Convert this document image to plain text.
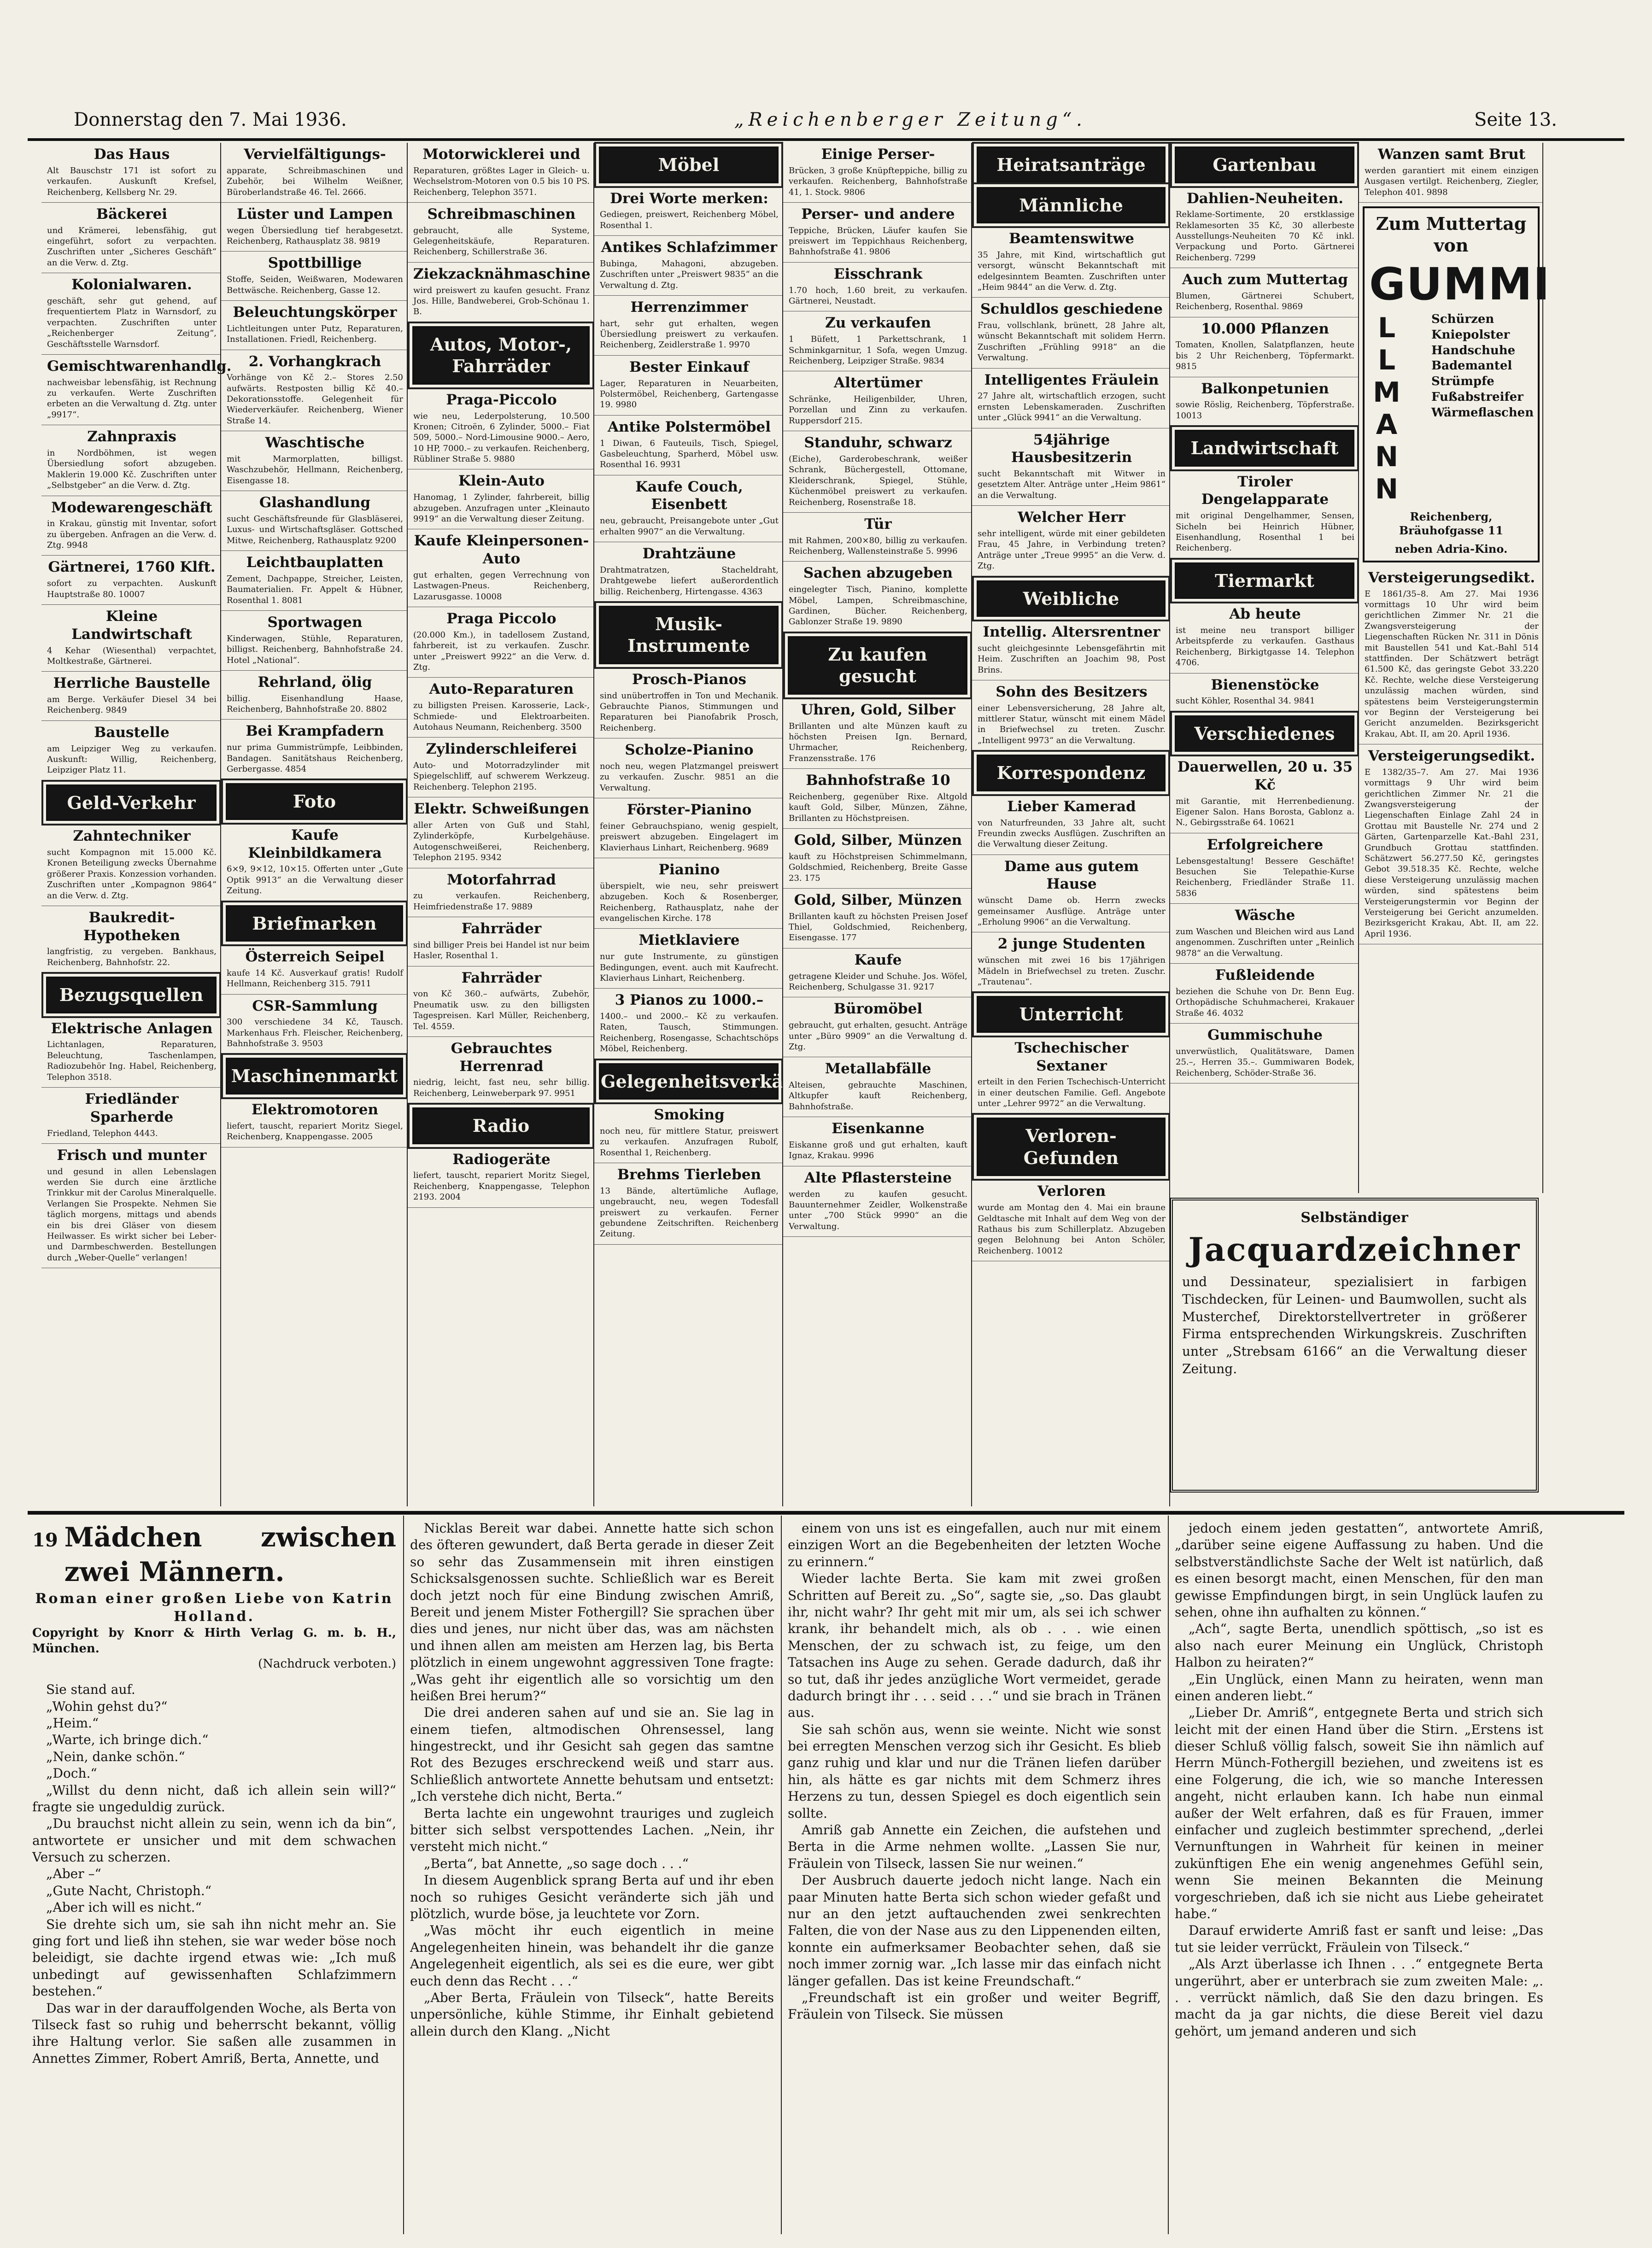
Donnerstag den 7. Mai 1936.	„Reichenberger Zeitung“.	Seite 13.
Das Haus

Alt Bauschstr 171 ist sofort zu verkaufen. Auskunft Krefsel, Reichenberg, Kellsberg Nr. 29.

Bäckerei

und Krämerei, lebensfähig, gut eingeführt, sofort zu verpachten. Zuschriften unter „Sicheres Geschäft“ an die Verw. d. Ztg.

Kolonialwaren.

geschäft, sehr gut gehend, auf frequentiertem Platz in Warnsdorf, zu verpachten. Zuschriften unter „Reichenberger Zeitung“, Geschäftsstelle Warnsdorf.

Gemischtwarenhandlg.

nachweisbar lebensfähig, ist Rechnung zu verkaufen. Werte Zuschriften erbeten an die Verwaltung d. Ztg. unter „9917“.

Zahnpraxis

in Nordböhmen, ist wegen Übersiedlung sofort abzugeben. Maklerin 19.000 Kč. Zuschriften unter „Selbstgeber“ an die Verw. d. Ztg.

Modewarengeschäft

in Krakau, günstig mit Inventar, sofort zu übergeben. Anfragen an die Verw. d. Ztg. 9948

Gärtnerei, 1760 Klft.

sofort zu verpachten. Auskunft Hauptstraße 80. 10007

Kleine Landwirtschaft

4 Kehar (Wiesenthal) verpachtet, Moltkestraße, Gärtnerei.

Herrliche Baustelle

am Berge. Verkäufer Diesel 34 bei Reichenberg. 9849

Baustelle

am Leipziger Weg zu verkaufen. Auskunft: Willig, Reichenberg, Leipziger Platz 11.

Geld-Verkehr
Zahntechniker

sucht Kompagnon mit 15.000 Kč. Kronen Beteiligung zwecks Übernahme größerer Praxis. Konzession vorhanden. Zuschriften unter „Kompagnon 9864“ an die Verw. d. Ztg.

Baukredit-Hypotheken

langfristig, zu vergeben. Bankhaus, Reichenberg, Bahnhofstr. 22.

Bezugsquellen
Elektrische Anlagen

Lichtanlagen, Reparaturen, Beleuchtung, Taschenlampen, Radiozubehör Ing. Habel, Reichenberg, Telephon 3518.

Friedländer Sparherde

Friedland, Telephon 4443.

Frisch und munter

und gesund in allen Lebenslagen werden Sie durch eine ärztliche Trinkkur mit der Carolus Mineralquelle. Verlangen Sie Prospekte. Nehmen Sie täglich morgens, mittags und abends ein bis drei Gläser von diesem Heilwasser. Es wirkt sicher bei Leber- und Darmbeschwerden. Bestellungen durch „Weber-Quelle“ verlangen!

Vervielfältigungs-

apparate, Schreibmaschinen und Zubehör, bei Wilhelm Weißner, Büroberlandstraße 46. Tel. 2666.

Lüster und Lampen

wegen Übersiedlung tief herabgesetzt. Reichenberg, Rathausplatz 38. 9819

Spottbillige

Stoffe, Seiden, Weißwaren, Modewaren Bettwäsche. Reichenberg, Gasse 12.

Beleuchtungskörper

Lichtleitungen unter Putz, Reparaturen, Installationen. Friedl, Reichenberg.

2. Vorhangkrach

Vorhänge von Kč 2.– Stores 2.50 aufwärts. Restposten billig Kč 40.– Dekorationsstoffe. Gelegenheit für Wiederverkäufer. Reichenberg, Wiener Straße 14.

Waschtische

mit Marmorplatten, billigst. Waschzubehör, Hellmann, Reichenberg, Eisengasse 18.

Glashandlung

sucht Geschäftsfreunde für Glasbläserei, Luxus- und Wirtschaftsgläser. Gottsched Mitwe, Reichenberg, Rathausplatz 9200

Leichtbauplatten

Zement, Dachpappe, Streicher, Leisten, Baumaterialien. Fr. Appelt & Hübner, Rosenthal 1. 8081

Sportwagen

Kinderwagen, Stühle, Reparaturen, billigst. Reichenberg, Bahnhofstraße 24. Hotel „National“.

Rehrland, ölig

billig. Eisenhandlung Haase, Reichenberg, Bahnhofstraße 20. 8802

Bei Krampfadern

nur prima Gummistrümpfe, Leibbinden, Bandagen. Sanitätshaus Reichenberg, Gerbergasse. 4854

Foto
Kaufe Kleinbildkamera

6×9, 9×12, 10×15. Offerten unter „Gute Optik 9913“ an die Verwaltung dieser Zeitung.

Briefmarken
Österreich Seipel

kaufe 14 Kč. Ausverkauf gratis! Rudolf Hellmann, Reichenberg 315. 7911

CSR-Sammlung

300 verschiedene 34 Kč, Tausch. Markenhaus Frh. Fleischer, Reichenberg, Bahnhofstraße 3. 9503

Maschinenmarkt
Elektromotoren

liefert, tauscht, repariert Moritz Siegel, Reichenberg, Knappengasse. 2005

Motorwicklerei und

Reparaturen, größtes Lager in Gleich- u. Wechselstrom-Motoren von 0.5 bis 10 PS. Reichenberg, Telephon 3571.

Schreibmaschinen

gebraucht, alle Systeme, Gelegenheitskäufe, Reparaturen. Reichenberg, Schillerstraße 36.

Ziekzacknähmaschine

wird preiswert zu kaufen gesucht. Franz Jos. Hille, Bandweberei, Grob-Schönau 1. B.

Autos, Motor-, Fahrräder
Praga-Piccolo

wie neu, Lederpolsterung, 10.500 Kronen; Citroën, 6 Zylinder, 5000.– Fiat 509, 5000.– Nord-Limousine 9000.– Aero, 10 HP, 7000.– zu verkaufen. Reichenberg, Rübliner Straße 5. 9880

Klein-Auto

Hanomag, 1 Zylinder, fahrbereit, billig abzugeben. Anzufragen unter „Kleinauto 9919“ an die Verwaltung dieser Zeitung.

Kaufe Kleinpersonen-Auto

gut erhalten, gegen Verrechnung von Lastwagen-Pneus. Reichenberg, Lazarusgasse. 10008

Praga Piccolo

(20.000 Km.), in tadellosem Zustand, fahrbereit, ist zu verkaufen. Zuschr. unter „Preiswert 9922“ an die Verw. d. Ztg.

Auto-Reparaturen

zu billigsten Preisen. Karosserie, Lack-, Schmiede- und Elektroarbeiten. Autohaus Neumann, Reichenberg. 3500

Zylinderschleiferei

Auto- und Motorradzylinder mit Spiegelschliff, auf schwerem Werkzeug. Reichenberg. Telephon 2195.

Elektr. Schweißungen

aller Arten von Guß und Stahl, Zylinderköpfe, Kurbelgehäuse. Autogenschweißerei, Reichenberg, Telephon 2195. 9342

Motorfahrrad

zu verkaufen. Reichenberg, Heimfriedenstraße 17. 9889

Fahrräder

sind billiger Preis bei Handel ist nur beim Hasler, Rosenthal 1.

Fahrräder

von Kč 360.– aufwärts, Zubehör, Pneumatik usw. zu den billigsten Tagespreisen. Karl Müller, Reichenberg, Tel. 4559.

Gebrauchtes Herrenrad

niedrig, leicht, fast neu, sehr billig. Reichenberg, Leinweberpark 97. 9951

Radio
Radiogeräte

liefert, tauscht, repariert Moritz Siegel, Reichenberg, Knappengasse, Telephon 2193. 2004

Möbel
Drei Worte merken:

Gediegen, preiswert, Reichenberg Möbel, Rosenthal 1.

Antikes Schlafzimmer

Bubinga, Mahagoni, abzugeben. Zuschriften unter „Preiswert 9835“ an die Verwaltung d. Ztg.

Herrenzimmer

hart, sehr gut erhalten, wegen Übersiedlung preiswert zu verkaufen. Reichenberg, Zeidlerstraße 1. 9970

Bester Einkauf

Lager, Reparaturen in Neuarbeiten, Polstermöbel, Reichenberg, Gartengasse 19. 9980

Antike Polstermöbel

1 Diwan, 6 Fauteuils, Tisch, Spiegel, Gasbeleuchtung, Sparherd, Möbel usw. Rosenthal 16. 9931

Kaufe Couch, Eisenbett

neu, gebraucht, Preisangebote unter „Gut erhalten 9907“ an die Verwaltung.

Drahtzäune

Drahtmatratzen, Stacheldraht, Drahtgewebe liefert außerordentlich billig. Reichenberg, Hirtengasse. 4363

Musik-Instrumente
Prosch-Pianos

sind unübertroffen in Ton und Mechanik. Gebrauchte Pianos, Stimmungen und Reparaturen bei Pianofabrik Prosch, Reichenberg.

Scholze-Pianino

noch neu, wegen Platzmangel preiswert zu verkaufen. Zuschr. 9851 an die Verwaltung.

Förster-Pianino

feiner Gebrauchspiano, wenig gespielt, preiswert abzugeben. Eingelagert im Klavierhaus Linhart, Reichenberg. 9689

Pianino

überspielt, wie neu, sehr preiswert abzugeben. Koch & Rosenberger, Reichenberg, Rathausplatz, nahe der evangelischen Kirche. 178

Mietklaviere

nur gute Instrumente, zu günstigen Bedingungen, event. auch mit Kaufrecht. Klavierhaus Linhart, Reichenberg.

3 Pianos zu 1000.–

1400.– und 2000.– Kč zu verkaufen. Raten, Tausch, Stimmungen. Reichenberg, Rosengasse, Schachtschöps Möbel, Reichenberg.

Gelegenheitsverkäufe
Smoking

noch neu, für mittlere Statur, preiswert zu verkaufen. Anzufragen Rubolf, Rosenthal 1, Reichenberg.

Brehms Tierleben

13 Bände, altertümliche Auflage, ungebraucht, neu, wegen Todesfall preiswert zu verkaufen. Ferner gebundene Zeitschriften. Reichenberg Zeitung.

Einige Perser-

Brücken, 3 große Knüpfteppiche, billig zu verkaufen. Reichenberg, Bahnhofstraße 41, 1. Stock. 9806

Perser- und andere

Teppiche, Brücken, Läufer kaufen Sie preiswert im Teppichhaus Reichenberg, Bahnhofstraße 41. 9806

Eisschrank

1.70 hoch, 1.60 breit, zu verkaufen. Gärtnerei, Neustadt.

Zu verkaufen

1 Büfett, 1 Parkettschrank, 1 Schminkgarnitur, 1 Sofa, wegen Umzug. Reichenberg, Leipziger Straße. 9834

Altertümer

Schränke, Heiligenbilder, Uhren, Porzellan und Zinn zu verkaufen. Ruppersdorf 215.

Standuhr, schwarz

(Eiche), Garderobeschrank, weißer Schrank, Büchergestell, Ottomane, Kleiderschrank, Spiegel, Stühle, Küchenmöbel preiswert zu verkaufen. Reichenberg, Rosenstraße 18.

Tür

mit Rahmen, 200×80, billig zu verkaufen. Reichenberg, Wallensteinstraße 5. 9996

Sachen abzugeben

eingelegter Tisch, Pianino, komplette Möbel, Lampen, Schreibmaschine, Gardinen, Bücher. Reichenberg, Gablonzer Straße 19. 9890

Zu kaufen gesucht
Uhren, Gold, Silber

Brillanten und alte Münzen kauft zu höchsten Preisen Ign. Bernard, Uhrmacher, Reichenberg, Franzensstraße. 176

Bahnhofstraße 10

Reichenberg, gegenüber Rixe. Altgold kauft Gold, Silber, Münzen, Zähne, Brillanten zu Höchstpreisen.

Gold, Silber, Münzen

kauft zu Höchstpreisen Schimmelmann, Goldschmied, Reichenberg, Breite Gasse 23. 175

Gold, Silber, Münzen

Brillanten kauft zu höchsten Preisen Josef Thiel, Goldschmied, Reichenberg, Eisengasse. 177

Kaufe

getragene Kleider und Schuhe. Jos. Wöfel, Reichenberg, Schulgasse 31. 9217

Büromöbel

gebraucht, gut erhalten, gesucht. Anträge unter „Büro 9909“ an die Verwaltung d. Ztg.

Metallabfälle

Alteisen, gebrauchte Maschinen, Altkupfer kauft Reichenberg, Bahnhofstraße.

Eisenkanne

Eiskanne groß und gut erhalten, kauft Ignaz, Krakau. 9996

Alte Pflastersteine

werden zu kaufen gesucht. Bauunternehmer Zeidler, Wolkenstraße unter „700 Stück 9990“ an die Verwaltung.

Heiratsanträge
Männliche
Beamtenswitwe

35 Jahre, mit Kind, wirtschaftlich gut versorgt, wünscht Bekanntschaft mit edelgesinntem Beamten. Zuschriften unter „Heim 9844“ an die Verw. d. Ztg.

Schuldlos geschiedene

Frau, vollschlank, brünett, 28 Jahre alt, wünscht Bekanntschaft mit solidem Herrn. Zuschriften „Frühling 9918“ an die Verwaltung.

Intelligentes Fräulein

27 Jahre alt, wirtschaftlich erzogen, sucht ernsten Lebenskameraden. Zuschriften unter „Glück 9941“ an die Verwaltung.

54jährige Hausbesitzerin

sucht Bekanntschaft mit Witwer in gesetztem Alter. Anträge unter „Heim 9861“ an die Verwaltung.

Welcher Herr

sehr intelligent, würde mit einer gebildeten Frau, 45 Jahre, in Verbindung treten? Anträge unter „Treue 9995“ an die Verw. d. Ztg.

Weibliche
Intellig. Altersrentner

sucht gleichgesinnte Lebensgefährtin mit Heim. Zuschriften an Joachim 98, Post Brins.

Sohn des Besitzers

einer Lebensversicherung, 28 Jahre alt, mittlerer Statur, wünscht mit einem Mädel in Briefwechsel zu treten. Zuschr. „Intelligent 9973“ an die Verwaltung.

Korrespondenz
Lieber Kamerad

von Naturfreunden, 33 Jahre alt, sucht Freundin zwecks Ausflügen. Zuschriften an die Verwaltung dieser Zeitung.

Dame aus gutem Hause

wünscht Dame ob. Herrn zwecks gemeinsamer Ausflüge. Anträge unter „Erholung 9906“ an die Verwaltung.

2 junge Studenten

wünschen mit zwei 16 bis 17jährigen Mädeln in Briefwechsel zu treten. Zuschr. „Trautenau“.

Unterricht
Tschechischer Sextaner

erteilt in den Ferien Tschechisch-Unterricht in einer deutschen Familie. Gefl. Angebote unter „Lehrer 9972“ an die Verwaltung.

Verloren-Gefunden
Verloren

wurde am Montag den 4. Mai ein braune Geldtasche mit Inhalt auf dem Weg von der Rathaus bis zum Schillerplatz. Abzugeben gegen Belohnung bei Anton Schöler, Reichenberg. 10012

Gartenbau
Dahlien-Neuheiten.

Reklame-Sortimente, 20 erstklassige Reklamesorten 35 Kč, 30 allerbeste Ausstellungs-Neuheiten 70 Kč inkl. Verpackung und Porto. Gärtnerei Reichenberg. 7299

Auch zum Muttertag

Blumen, Gärtnerei Schubert, Reichenberg, Rosenthal. 9869

10.000 Pflanzen

Tomaten, Knollen, Salatpflanzen, heute bis 2 Uhr Reichenberg, Töpfermarkt. 9815

Balkonpetunien

sowie Röslig, Reichenberg, Töpferstraße. 10013

Landwirtschaft
Tiroler Dengelapparate

mit original Dengelhammer, Sensen, Sicheln bei Heinrich Hübner, Eisenhandlung, Rosenthal 1 bei Reichenberg.

Tiermarkt
Ab heute

ist meine neu transport billiger Arbeitspferde zu verkaufen. Gasthaus Reichenberg, Birkigtgasse 14. Telephon 4706.

Bienenstöcke

sucht Köhler, Rosenthal 34. 9841

Verschiedenes
Dauerwellen, 20 u. 35 Kč

mit Garantie, mit Herrenbedienung. Eigener Salon. Hans Borosta, Gablonz a. N., Gebirgsstraße 64. 10621

Erfolgreichere

Lebensgestaltung! Bessere Geschäfte! Besuchen Sie Telepathie-Kurse Reichenberg, Friedländer Straße 11. 5836

Wäsche

zum Waschen und Bleichen wird aus Land angenommen. Zuschriften unter „Reinlich 9878“ an die Verwaltung.

Fußleidende

beziehen die Schuhe von Dr. Benn Eug. Orthopädische Schuhmacherei, Krakauer Straße 46. 4032

Gummischuhe

unverwüstlich, Qualitätsware, Damen 25.–, Herren 35.–. Gummiwaren Bodek, Reichenberg, Schöder-Straße 36.

Wanzen samt Brut

werden garantiert mit einem einzigen Ausgasen vertilgt. Reichenberg, Ziegler, Telephon 401. 9898

Zum Muttertag
von
GUMMI
LLMANN Schürzen
Kniepolster
Handschuhe
Bademantel
Strümpfe
Fußabstreifer
Wärmeflaschen
Reichenberg, Bräuhofgasse 11
neben Adria-Kino.
Versteigerungsedikt.

E 1861/35–8. Am 27. Mai 1936 vormittags 10 Uhr wird beim gerichtlichen Zimmer Nr. 21 die Zwangsversteigerung der Liegenschaften Rücken Nr. 311 in Dönis mit Baustellen 541 und Kat.-Bahl 514 stattfinden. Der Schätzwert beträgt 61.500 Kč, das geringste Gebot 33.220 Kč. Rechte, welche diese Versteigerung unzulässig machen würden, sind spätestens beim Versteigerungstermin vor Beginn der Versteigerung bei Gericht anzumelden. Bezirksgericht Krakau, Abt. II, am 20. April 1936.

Versteigerungsedikt.

E 1382/35–7. Am 27. Mai 1936 vormittags 9 Uhr wird beim gerichtlichen Zimmer Nr. 21 die Zwangsversteigerung der Liegenschaften Einlage Zahl 24 in Grottau mit Baustelle Nr. 274 und 2 Gärten, Gartenparzelle Kat.-Bahl 231, Grundbuch Grottau stattfinden. Schätzwert 56.277.50 Kč, geringstes Gebot 39.518.35 Kč. Rechte, welche diese Versteigerung unzulässig machen würden, sind spätestens beim Versteigerungstermin vor Beginn der Versteigerung bei Gericht anzumelden. Bezirksgericht Krakau, Abt. II, am 22. April 1936.

Selbständiger
Jacquardzeichner
und Dessinateur, spezialisiert in farbigen Tischdecken, für Leinen- und Baumwollen, sucht als Musterchef, Direktorstellvertreter in größerer Firma entsprechenden Wirkungskreis. Zuschriften unter „Strebsam 6166“ an die Verwaltung dieser Zeitung.
19 Mädchen zwischen zwei Männern.
Roman einer großen Liebe von Katrin Holland.
Copyright by Knorr & Hirth Verlag G. m. b. H., München.
(Nachdruck verboten.)

Sie stand auf.

„Wohin gehst du?“

„Heim.“

„Warte, ich bringe dich.“

„Nein, danke schön.“

„Doch.“

„Willst du denn nicht, daß ich allein sein will?“ fragte sie ungeduldig zurück.

„Du brauchst nicht allein zu sein, wenn ich da bin“, antwortete er unsicher und mit dem schwachen Versuch zu scherzen.

„Aber –“

„Gute Nacht, Christoph.“

„Aber ich will es nicht.“

Sie drehte sich um, sie sah ihn nicht mehr an. Sie ging fort und ließ ihn stehen, sie war weder böse noch beleidigt, sie dachte irgend etwas wie: „Ich muß unbedingt auf gewissenhaften Schlafzimmern bestehen.“

Das war in der darauffolgenden Woche, als Berta von Tilseck fast so ruhig und beherrscht bekannt, völlig ihre Haltung verlor. Sie saßen alle zusammen in Annettes Zimmer, Robert Amriß, Berta, Annette, und

Nicklas Bereit war dabei. Annette hatte sich schon des öfteren gewundert, daß Berta gerade in dieser Zeit so sehr das Zusammensein mit ihren einstigen Schicksalsgenossen suchte. Schließlich war es Bereit doch jetzt noch für eine Bindung zwischen Amriß, Bereit und jenem Mister Fothergill? Sie sprachen über dies und jenes, nur nicht über das, was am nächsten und ihnen allen am meisten am Herzen lag, bis Berta plötzlich in einem ungewohnt aggressiven Tone fragte: „Was geht ihr eigentlich alle so vorsichtig um den heißen Brei herum?“

Die drei anderen sahen auf und sie an. Sie lag in einem tiefen, altmodischen Ohrensessel, lang hingestreckt, und ihr Gesicht sah gegen das samtne Rot des Bezuges erschreckend weiß und starr aus. Schließlich antwortete Annette behutsam und entsetzt: „Ich verstehe dich nicht, Berta.“

Berta lachte ein ungewohnt trauriges und zugleich bitter sich selbst verspottendes Lachen. „Nein, ihr versteht mich nicht.“

„Berta“, bat Annette, „so sage doch . . .“

In diesem Augenblick sprang Berta auf und ihr eben noch so ruhiges Gesicht veränderte sich jäh und plötzlich, wurde böse, ja leuchtete vor Zorn.

„Was möcht ihr euch eigentlich in meine Angelegenheiten hinein, was behandelt ihr die ganze Angelegenheit eigentlich, als sei es die eure, wer gibt euch denn das Recht . . .“

„Aber Berta, Fräulein von Tilseck“, hatte Bereits unpersönliche, kühle Stimme, ihr Einhalt gebietend allein durch den Klang. „Nicht

einem von uns ist es eingefallen, auch nur mit einem einzigen Wort an die Begebenheiten der letzten Woche zu erinnern.“

Wieder lachte Berta. Sie kam mit zwei großen Schritten auf Bereit zu. „So“, sagte sie, „so. Das glaubt ihr, nicht wahr? Ihr geht mit mir um, als sei ich schwer krank, ihr behandelt mich, als ob . . . wie einen Menschen, der zu schwach ist, zu feige, um den Tatsachen ins Auge zu sehen. Gerade dadurch, daß ihr so tut, daß ihr jedes anzügliche Wort vermeidet, gerade dadurch bringt ihr . . . seid . . .“ und sie brach in Tränen aus.

Sie sah schön aus, wenn sie weinte. Nicht wie sonst bei erregten Menschen verzog sich ihr Gesicht. Es blieb ganz ruhig und klar und nur die Tränen liefen darüber hin, als hätte es gar nichts mit dem Schmerz ihres Herzens zu tun, dessen Spiegel es doch eigentlich sein sollte.

Amriß gab Annette ein Zeichen, die aufstehen und Berta in die Arme nehmen wollte. „Lassen Sie nur, Fräulein von Tilseck, lassen Sie nur weinen.“

Der Ausbruch dauerte jedoch nicht lange. Nach ein paar Minuten hatte Berta sich schon wieder gefaßt und nur an den jetzt auftauchenden zwei senkrechten Falten, die von der Nase aus zu den Lippenenden eilten, konnte ein aufmerksamer Beobachter sehen, daß sie noch immer zornig war. „Ich lasse mir das einfach nicht länger gefallen. Das ist keine Freundschaft.“

„Freundschaft ist ein großer und weiter Begriff, Fräulein von Tilseck. Sie müssen

jedoch einem jeden gestatten“, antwortete Amriß, „darüber seine eigene Auffassung zu haben. Und die selbstverständlichste Sache der Welt ist natürlich, daß es einen besorgt macht, einen Menschen, für den man gewisse Empfindungen birgt, in sein Unglück laufen zu sehen, ohne ihn aufhalten zu können.“

„Ach“, sagte Berta, unendlich spöttisch, „so ist es also nach eurer Meinung ein Unglück, Christoph Halbon zu heiraten?“

„Ein Unglück, einen Mann zu heiraten, wenn man einen anderen liebt.“

„Lieber Dr. Amriß“, entgegnete Berta und strich sich leicht mit der einen Hand über die Stirn. „Erstens ist dieser Schluß völlig falsch, soweit Sie ihn nämlich auf Herrn Münch-Fothergill beziehen, und zweitens ist es eine Folgerung, die ich, wie so manche Interessen angeht, nicht erlauben kann. Ich habe nun einmal außer der Welt erfahren, daß es für Frauen, immer einfacher und zugleich bestimmter sprechend, „derlei Vernunftungen in Wahrheit für keinen in meiner zukünftigen Ehe ein wenig angenehmes Gefühl sein, wenn Sie meinen Bekannten die Meinung vorgeschrieben, daß ich sie nicht aus Liebe geheiratet habe.“

Darauf erwiderte Amriß fast er sanft und leise: „Das tut sie leider verrückt, Fräulein von Tilseck.“

„Als Arzt überlasse ich Ihnen . . .“ entgegnete Berta ungerührt, aber er unterbrach sie zum zweiten Male: „. . . verrückt nämlich, daß Sie den dazu bringen. Es macht da ja gar nichts, die diese Bereit viel dazu gehört, um jemand anderen und sich
